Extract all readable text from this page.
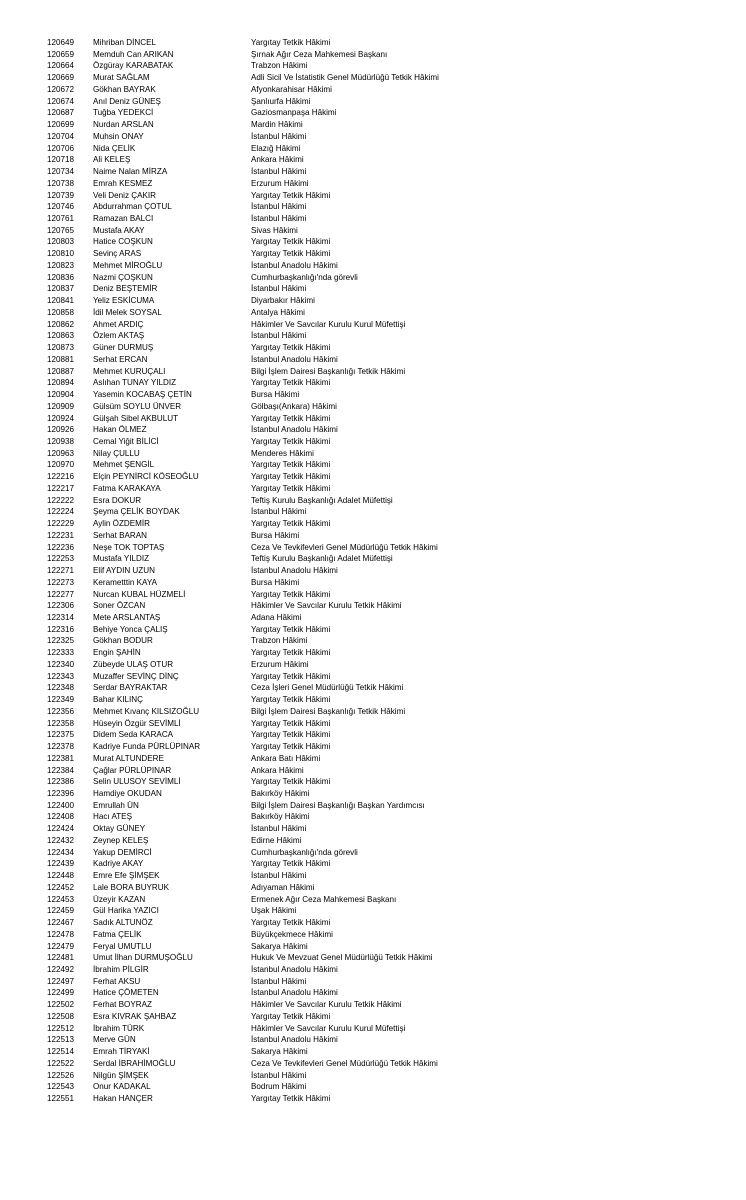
120649 Mihriban DİNCEL	Yargıtay Tetkik Hâkimi
120659 Memduh Can ARIKAN	Şırnak Ağır Ceza Mahkemesi Başkanı
120664 Özgüray KARABATAK	Trabzon Hâkimi
120669 Murat SAĞLAM	Adli Sicil Ve İstatistik Genel Müdürlüğü Tetkik Hâkimi
120672 Gökhan BAYRAK	Afyonkarahisar Hâkimi
120674 Anıl Deniz GÜNEŞ	Şanlıurfa Hâkimi
120687 Tuğba YEDEKCİ	Gaziosmanpaşa Hâkimi
120699 Nurdan ARSLAN	Mardin Hâkimi
120704 Muhsin ONAY	İstanbul Hâkimi
120706 Nida ÇELİK	Elazığ Hâkimi
120718 Ali KELEŞ	Ankara Hâkimi
120734 Naime Nalan MİRZA	İstanbul Hâkimi
120738 Emrah KESMEZ	Erzurum Hâkimi
120739 Veli Deniz ÇAKIR	Yargıtay Tetkik Hâkimi
120746 Abdurrahman ÇOTUL	İstanbul Hâkimi
120761 Ramazan BALCI	İstanbul Hâkimi
120765 Mustafa AKAY	Sivas Hâkimi
120803 Hatice COŞKUN	Yargıtay Tetkik Hâkimi
120810 Sevinç ARAS	Yargıtay Tetkik Hâkimi
120823 Mehmet MİROĞLU	İstanbul Anadolu Hâkimi
120836 Nazmi ÇOŞKUN	Cumhurbaşkanlığı'nda görevli
120837 Deniz BEŞTEMİR	İstanbul Hâkimi
120841 Yeliz ESKİCUMA	Diyarbakır Hâkimi
120858 İdil Melek SOYSAL	Antalya Hâkimi
120862 Ahmet ARDIÇ	Hâkimler Ve Savcılar Kurulu Kurul Müfettişi
120863 Özlem AKTAŞ	İstanbul Hâkimi
120873 Güner DURMUŞ	Yargıtay Tetkik Hâkimi
120881 Serhat ERCAN	İstanbul Anadolu Hâkimi
120887 Mehmet KURUÇALI	Bilgi İşlem Dairesi Başkanlığı Tetkik Hâkimi
120894 Aslıhan TUNAY YILDIZ	Yargıtay Tetkik Hâkimi
120904 Yasemin KOCABAŞ ÇETİN	Bursa Hâkimi
120909 Gülsüm SOYLU ÜNVER	Gölbaşı(Ankara) Hâkimi
120924 Gülşah Sibel AKBULUT	Yargıtay Tetkik Hâkimi
120926 Hakan ÖLMEZ	İstanbul Anadolu Hâkimi
120938 Cemal Yiğit BİLİCİ	Yargıtay Tetkik Hâkimi
120963 Nilay ÇULLU	Menderes Hâkimi
120970 Mehmet ŞENGİL	Yargıtay Tetkik Hâkimi
122216 Elçin PEYNİRCİ KÖSEOĞLU	Yargıtay Tetkik Hâkimi
122217 Fatma KARAKAYA	Yargıtay Tetkik Hâkimi
122222 Esra DOKUR	Teftiş Kurulu Başkanlığı Adalet Müfettişi
122224 Şeyma ÇELİK BOYDAK	İstanbul Hâkimi
122229 Aylin ÖZDEMİR	Yargıtay Tetkik Hâkimi
122231 Serhat BARAN	Bursa Hâkimi
122236 Neşe TOK TOPTAŞ	Ceza Ve Tevkifevleri Genel Müdürlüğü Tetkik Hâkimi
122253 Mustafa YILDIZ	Teftiş Kurulu Başkanlığı Adalet Müfettişi
122271 Elif AYDIN UZUN	İstanbul Anadolu Hâkimi
122273 Kerametttin KAYA	Bursa Hâkimi
122277 Nurcan KUBAL HÜZMELİ	Yargıtay Tetkik Hâkimi
122306 Soner ÖZCAN	Hâkimler Ve Savcılar Kurulu Tetkik Hâkimi
122314 Mete ARSLANTAŞ	Adana Hâkimi
122316 Behiye Yonca ÇALIŞ	Yargıtay Tetkik Hâkimi
122325 Gökhan BODUR	Trabzon Hâkimi
122333 Engin ŞAHİN	Yargıtay Tetkik Hâkimi
122340 Zübeyde ULAŞ OTUR	Erzurum Hâkimi
122343 Muzaffer SEVİNÇ DİNÇ	Yargıtay Tetkik Hâkimi
122348 Serdar BAYRAKTAR	Ceza İşleri Genel Müdürlüğü Tetkik Hâkimi
122349 Bahar KILINÇ	Yargıtay Tetkik Hâkimi
122356 Mehmet Kıvanç KILSIZOĞLU	Bilgi İşlem Dairesi Başkanlığı Tetkik Hâkimi
122358 Hüseyin Özgür SEVİMLİ	Yargıtay Tetkik Hâkimi
122375 Didem Seda KARACA	Yargıtay Tetkik Hâkimi
122378 Kadriye Funda PÜRLÜPINAR	Yargıtay Tetkik Hâkimi
122381 Murat ALTUNDERE	Ankara Batı Hâkimi
122384 Çağlar PÜRLÜPINAR	Ankara Hâkimi
122386 Selin ULUSOY SEVİMLİ	Yargıtay Tetkik Hâkimi
122396 Hamdiye OKUDAN	Bakırköy Hâkimi
122400 Emrullah ÜN	Bilgi İşlem Dairesi Başkanlığı Başkan Yardımcısı
122408 Hacı ATEŞ	Bakırköy Hâkimi
122424 Oktay GÜNEY	İstanbul Hâkimi
122432 Zeynep KELEŞ	Edirne Hâkimi
122434 Yakup DEMİRCİ	Cumhurbaşkanlığı'nda görevli
122439 Kadriye AKAY	Yargıtay Tetkik Hâkimi
122448 Emre Efe ŞİMŞEK	İstanbul Hâkimi
122452 Lale BORA BUYRUK	Adıyaman Hâkimi
122453 Üzeyir KAZAN	Ermenek Ağır Ceza Mahkemesi Başkanı
122459 Gül Harika YAZICI	Uşak Hâkimi
122467 Sadık ALTUNÖZ	Yargıtay Tetkik Hâkimi
122478 Fatma ÇELİK	Büyükçekmece Hâkimi
122479 Feryal UMUTLU	Sakarya Hâkimi
122481 Umut İlhan DURMUŞOĞLU	Hukuk Ve Mevzuat Genel Müdürlüğü Tetkik Hâkimi
122492 İbrahim PİLGİR	İstanbul Anadolu Hâkimi
122497 Ferhat AKSU	İstanbul Hâkimi
122499 Hatice ÇÖMETEN	İstanbul Anadolu Hâkimi
122502 Ferhat BOYRAZ	Hâkimler Ve Savcılar Kurulu Tetkik Hâkimi
122508 Esra KIVRAK ŞAHBAZ	Yargıtay Tetkik Hâkimi
122512 İbrahim TÜRK	Hâkimler Ve Savcılar Kurulu Kurul Müfettişi
122513 Merve GÜN	İstanbul Anadolu Hâkimi
122514 Emrah TİRYAKİ	Sakarya Hâkimi
122522 Serdal İBRAHİMOĞLU	Ceza Ve Tevkifevleri Genel Müdürlüğü Tetkik Hâkimi
122526 Nilgün ŞİMŞEK	İstanbul Hâkimi
122543 Onur KADAKAL	Bodrum Hâkimi
122551 Hakan HANÇER	Yargıtay Tetkik Hâkimi
